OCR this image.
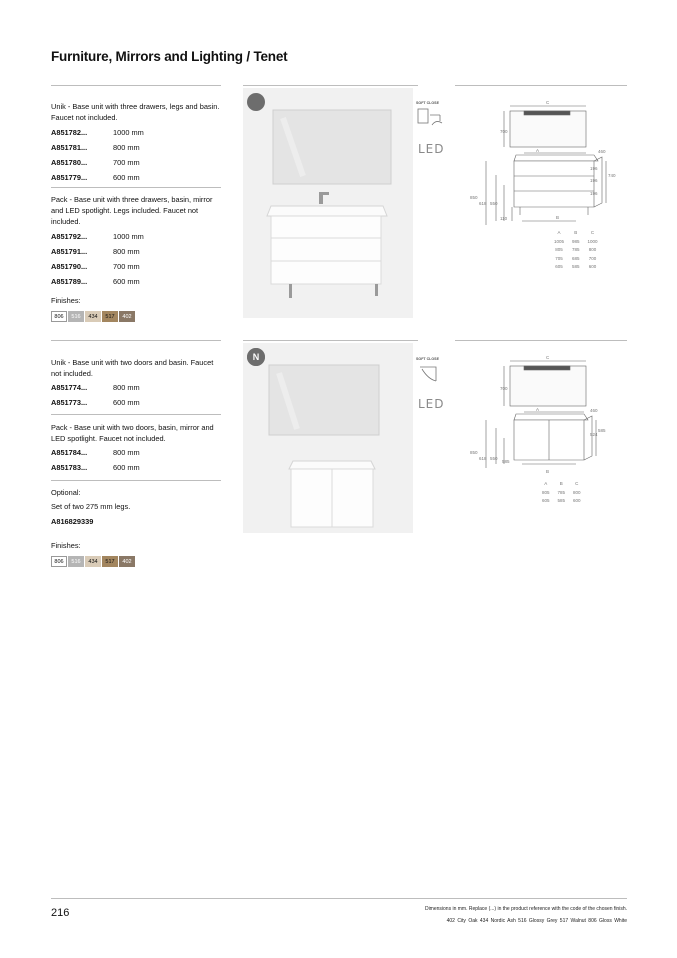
Furniture, Mirrors and Lighting / Tenet
Unik - Base unit with three drawers, legs and basin. Faucet not included.
A851782...	1000 mm
A851781...	800 mm
A851780...	700 mm
A851779...	600 mm
Pack - Base unit with three drawers, basin, mirror and LED spotlight. Legs included. Faucet not included.
A851792...	1000 mm
A851791...	800 mm
A851790...	700 mm
A851789...	600 mm
Finishes:
806	516	434	517	402
SOFT CLOSE
LED
C
700
A	460
196
196
740
196
850
618 550
110	B
A	B	C
1005	985	1000
805	785	800
705	685	700
605	585	600
Unik - Base unit with two doors and basin. Faucet not included.
A851774...	800 mm
A851773...	600 mm
Pack - Base unit with two doors, basin, mirror and LED spotlight. Faucet not included.
A851784...	800 mm
A851783...	600 mm
Optional:
Set of two 275 mm legs.
A816829339
Finishes:
806	516	434	517	402
N	SOFT CLOSE
LED
C
700
A	460
585
524
850
618 550
585
B
A	B	C
805	785	800
605	585	600
216	Dimensions in mm. Replace (...) in the product reference with the code of the chosen finish.
402 City Oak 434 Nordic Ash 516 Glossy Grey 517 Walnut 806 Gloss White
